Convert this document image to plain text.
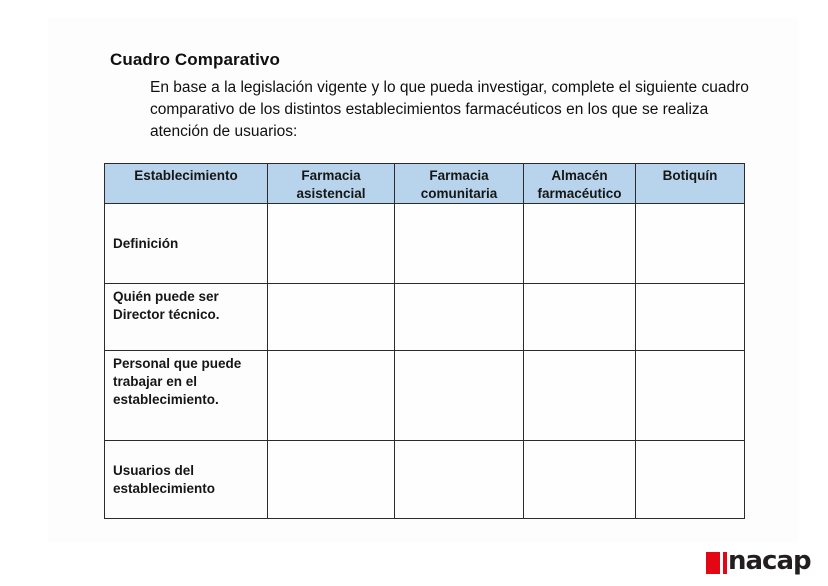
Cuadro Comparativo
En base a la legislación vigente y lo que pueda investigar, complete el siguiente cuadro
comparativo de los distintos establecimientos farmacéuticos en los que se realiza
atención de usuarios:
Establecimiento	Farmacia asistencial	Farmacia comunitaria	Almacén farmacéutico	Botiquín
Definición				
Quién puede ser Director técnico.				
Personal que puede trabajar en el establecimiento.				
Usuarios del establecimiento				
nacap
